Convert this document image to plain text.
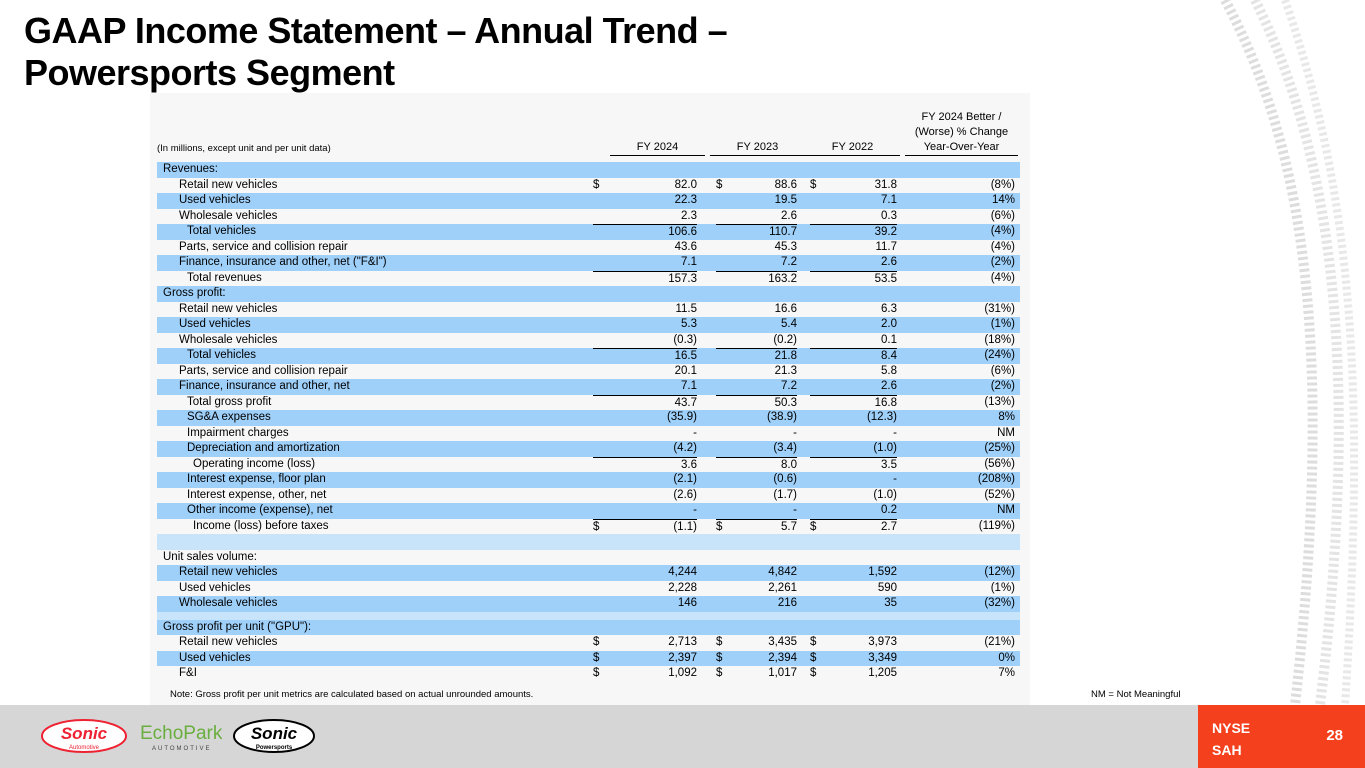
GAAP Income Statement – Annual Trend – Powersports Segment
(In millions, except unit and per unit data)	FY 2024	FY 2023	FY 2022
FY 2024 Better / (Worse) % Change Year-Over-Year
Revenues:
Retail new vehicles	$	82.0 $	88.6 $	31.8	(8%)
Used vehicles	22.3	19.5	7.1	14%
Wholesale vehicles	2.3	2.6	0.3	(6%)
Total vehicles	106.6	110.7	39.2	(4%)
Parts, service and collision repair	43.6	45.3	11.7	(4%)
Finance, insurance and other, net ("F&I")	7.1	7.2	2.6	(2%)
Total revenues	157.3	163.2	53.5	(4%)
Gross profit:
Retail new vehicles	11.5	16.6	6.3	(31%)
Used vehicles	5.3	5.4	2.0	(1%)
Wholesale vehicles	(0.3)	(0.2)	0.1	(18%)
Total vehicles	16.5	21.8	8.4	(24%)
Parts, service and collision repair	20.1	21.3	5.8	(6%)
Finance, insurance and other, net	7.1	7.2	2.6	(2%)
Total gross profit	43.7	50.3	16.8	(13%)
SG&A expenses	(35.9)	(38.9)	(12.3)	8%
Impairment charges	-	-	-	NM
Depreciation and amortization	(4.2)	(3.4)	(1.0)	(25%)
Operating income (loss)	3.6	8.0	3.5	(56%)
Interest expense, floor plan	(2.1)	(0.6)	-	(208%)
Interest expense, other, net	(2.6)	(1.7)	(1.0)	(52%)
Other income (expense), net	-	-	0.2	NM
Income (loss) before taxes	$	(1.1) $	5.7 $	2.7	(119%)
Unit sales volume:
Retail new vehicles	4,244	4,842	1,592	(12%)
Used vehicles	2,228	2,261	590	(1%)
Wholesale vehicles	146	216	35	(32%)
Gross profit per unit ("GPU"):
Retail new vehicles	$	2,713 $	3,435 $	3,973	(21%)
Used vehicles	$	2,397 $	2,394 $	3,349	0%
F&I	$	1,092 $	1,017 $	1,205	7%
Note: Gross profit per unit metrics are calculated based on actual unrounded amounts.	NM = Not Meaningful
Sonic
Automotive
EchoPark
AUTOMOTIVE
Sonic
Powersports
NYSE
SAH
28
